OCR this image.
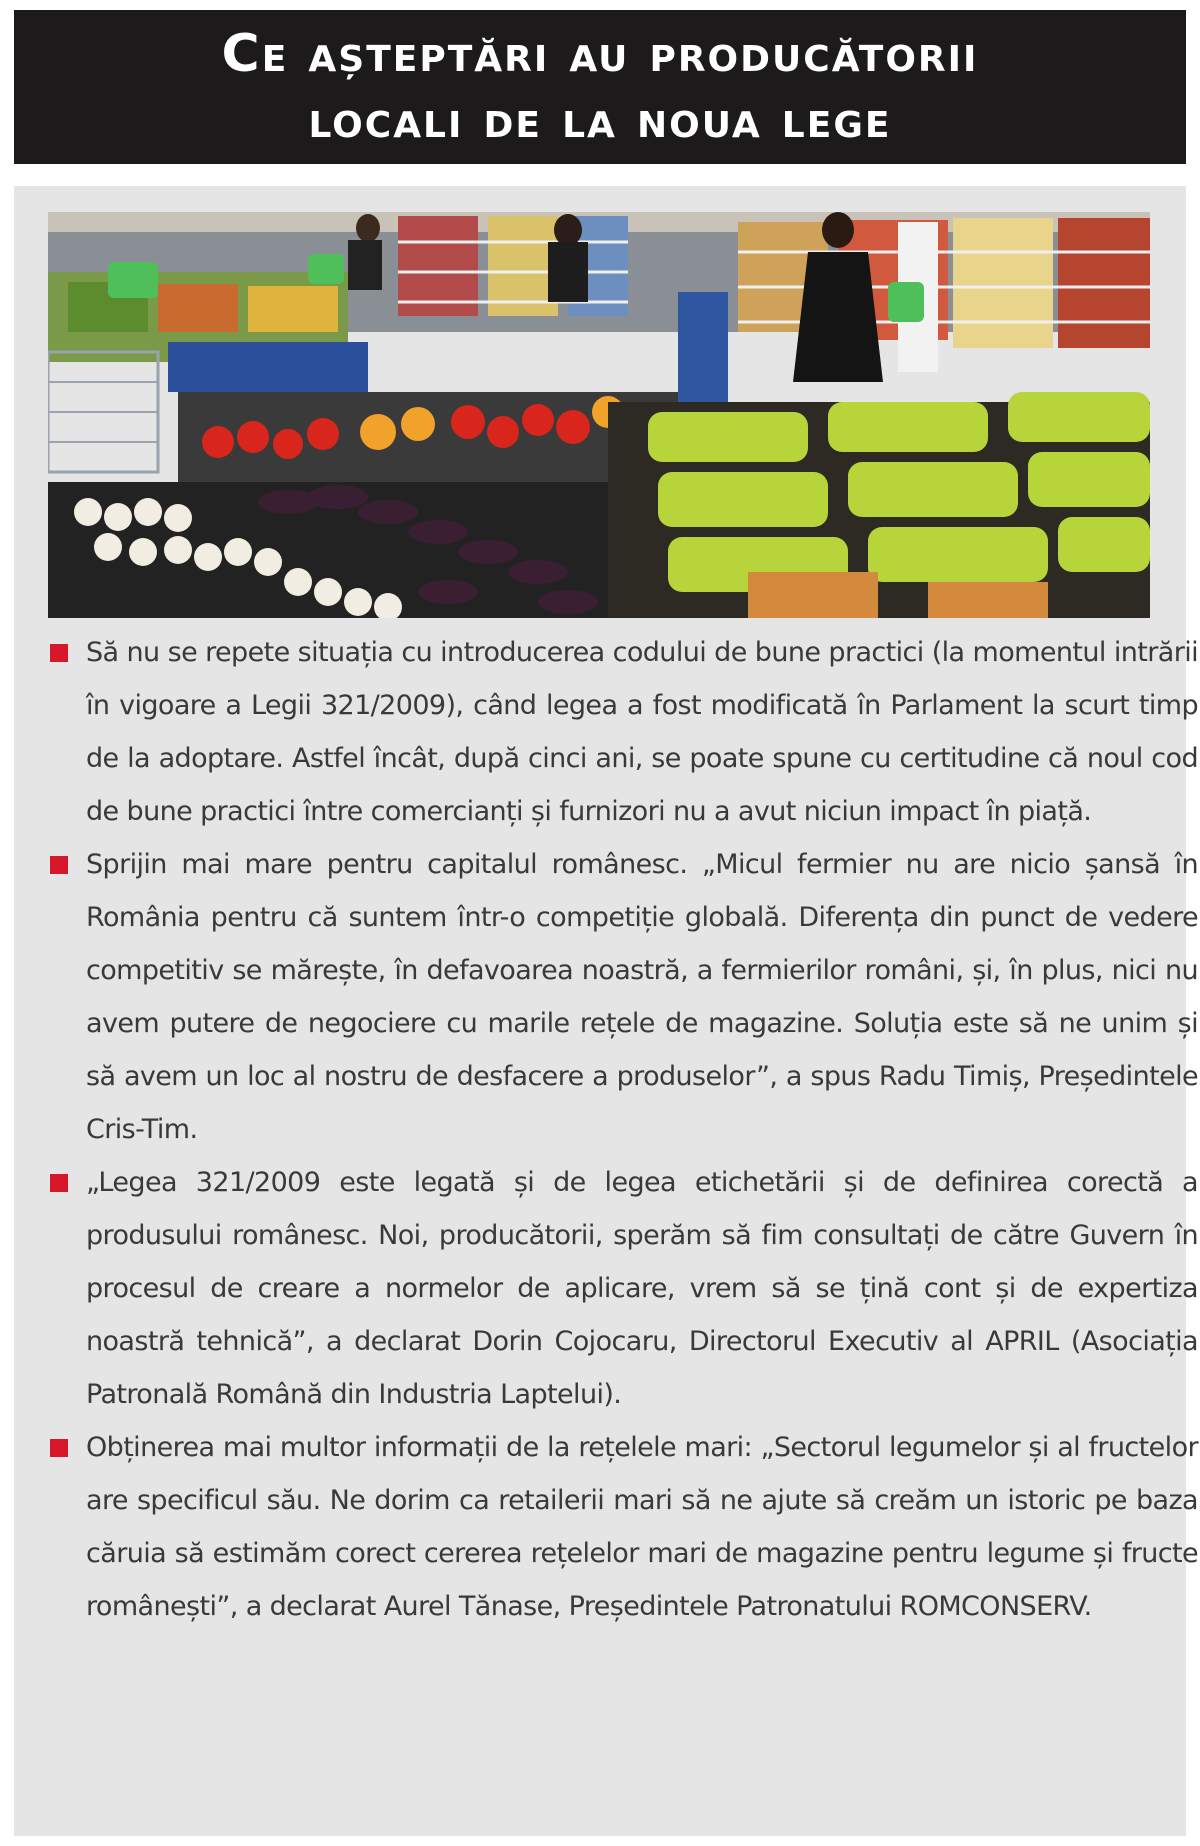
Ce așteptări au producătorii
locali de la noua lege
Să nu se repete situația cu introducerea codului de bune practici (la momentul intrării în vigoare a Legii 321/2009), când legea a fost modificată în Parlament la scurt timp de la adoptare. Astfel încât, după cinci ani, se poate spune cu certitudine că noul cod de bune practici între comercianți și furnizori nu a avut niciun impact în piață.
Sprijin mai mare pentru capitalul românesc. „Micul fermier nu are nicio șansă în România pentru că suntem într-o competiție globală. Diferența din punct de vedere competitiv se mărește, în defavoarea noastră, a fermierilor români, și, în plus, nici nu avem putere de negociere cu marile rețele de magazine. Soluția este să ne unim și să avem un loc al nostru de desfacere a produselor”, a spus Radu Timiș, Președintele Cris-Tim.
„Legea 321/2009 este legată și de legea etichetării și de definirea corectă a produsului românesc. Noi, producătorii, sperăm să fim consultați de către Guvern în procesul de creare a normelor de aplicare, vrem să se țină cont și de expertiza noastră tehnică”, a declarat Dorin Cojocaru, Directorul Executiv al APRIL (Asociația Patronală Română din Industria Laptelui).
Obținerea mai multor informații de la rețelele mari: „Sectorul legumelor și al fructelor are specificul său. Ne dorim ca retailerii mari să ne ajute să creăm un istoric pe baza căruia să estimăm corect cererea rețelelor mari de magazine pentru legume și fructe românești”, a declarat Aurel Tănase, Președintele Patronatului ROMCONSERV.
